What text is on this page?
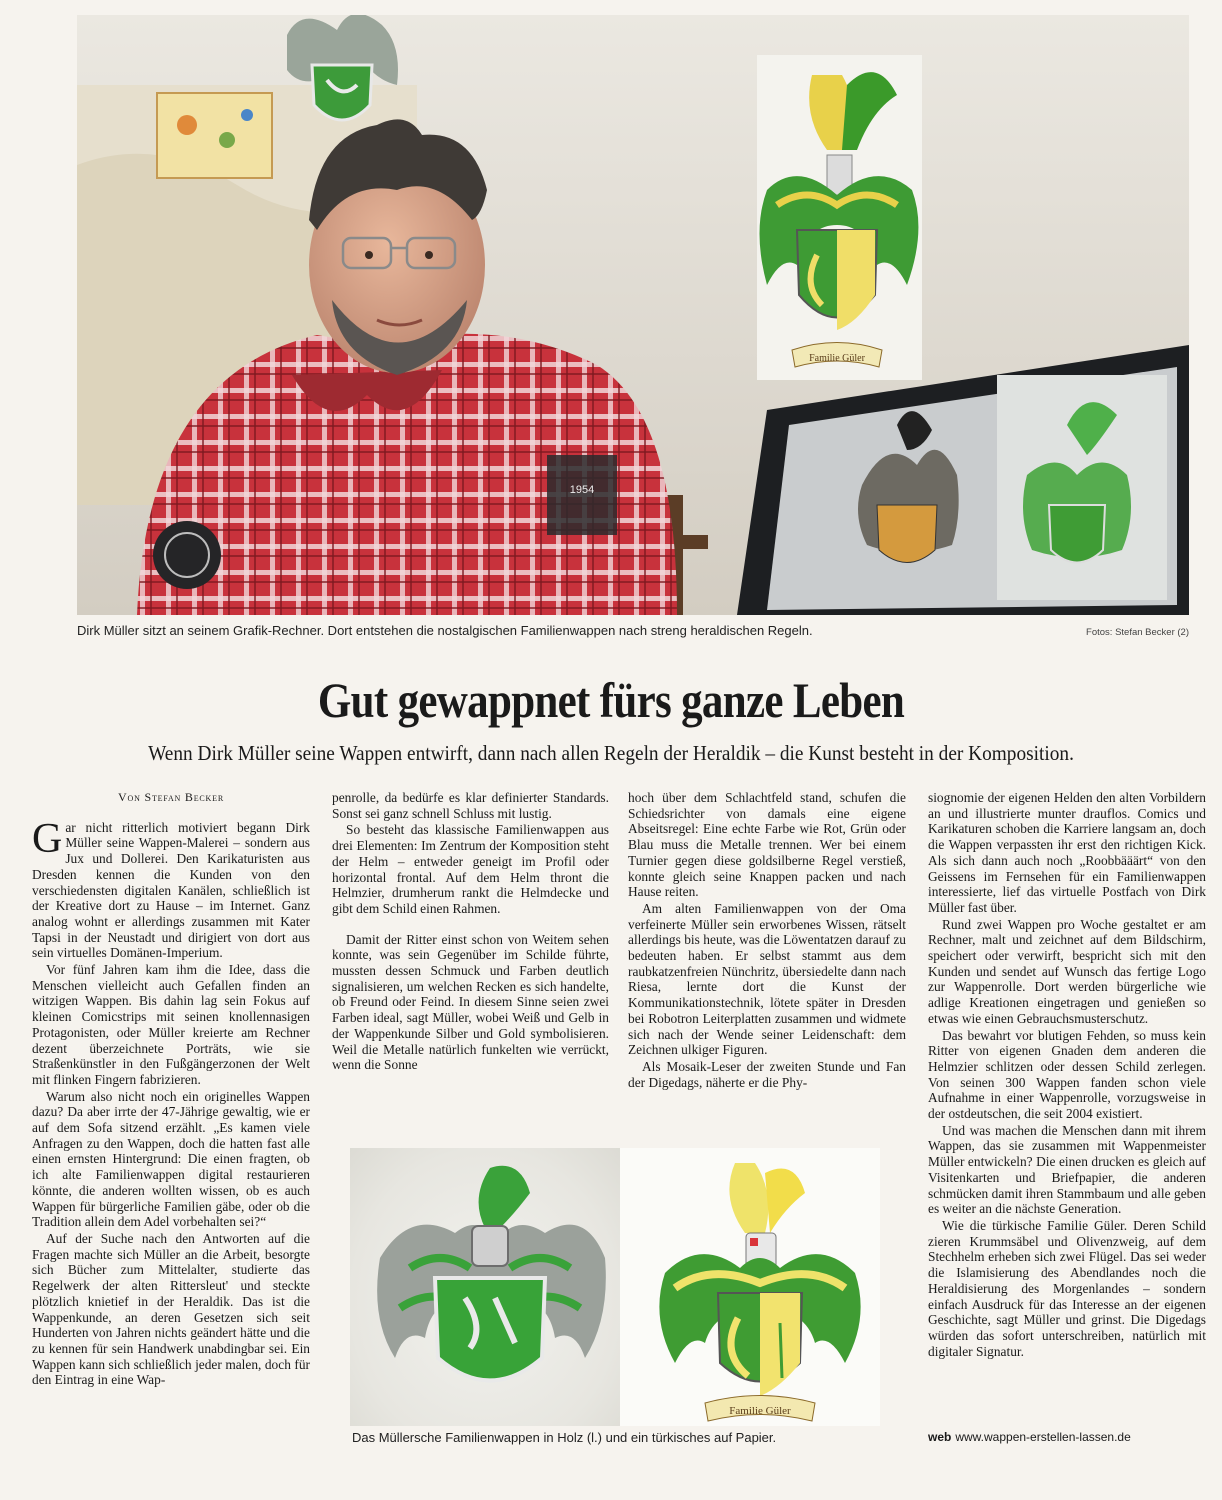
Familie Güler
1954
Dirk Müller sitzt an seinem Grafik-Rechner. Dort entstehen die nostalgischen Familienwappen nach streng heraldischen Regeln.	Fotos: Stefan Becker (2)
Gut gewappnet fürs ganze Leben
Wenn Dirk Müller seine Wappen entwirft, dann nach allen Regeln der Heraldik – die Kunst besteht in der Komposition.
Von Stefan Becker

Gar nicht ritterlich motiviert begann Dirk Müller seine Wappen-Malerei – sondern aus Jux und Dollerei. Den Karikaturisten aus Dresden kennen die Kunden von den verschiedensten digitalen Kanälen, schließlich ist der Kreative dort zu Hause – im Internet. Ganz analog wohnt er allerdings zusammen mit Kater Tapsi in der Neustadt und dirigiert von dort aus sein virtuelles Domänen-Imperium.

Vor fünf Jahren kam ihm die Idee, dass die Menschen vielleicht auch Gefallen finden an witzigen Wappen. Bis dahin lag sein Fokus auf kleinen Comicstrips mit seinen knollennasigen Protagonisten, oder Müller kreierte am Rechner dezent überzeichnete Porträts, wie sie Straßenkünstler in den Fußgängerzonen der Welt mit flinken Fingern fabrizieren.

Warum also nicht noch ein originelles Wappen dazu? Da aber irrte der 47-Jährige gewaltig, wie er auf dem Sofa sitzend erzählt. „Es kamen viele Anfragen zu den Wappen, doch die hatten fast alle einen ernsten Hintergrund: Die einen fragten, ob ich alte Familienwappen digital restaurieren könnte, die anderen wollten wissen, ob es auch Wappen für bürgerliche Familien gäbe, oder ob die Tradition allein dem Adel vorbehalten sei?“

Auf der Suche nach den Antworten auf die Fragen machte sich Müller an die Arbeit, besorgte sich Bücher zum Mittelalter, studierte das Regelwerk der alten Rittersleut' und steckte plötzlich knietief in der Heraldik. Das ist die Wappenkunde, an deren Gesetzen sich seit Hunderten von Jahren nichts geändert hätte und die zu kennen für sein Handwerk unabdingbar sei. Ein Wappen kann sich schließlich jeder malen, doch für den Eintrag in eine Wap-

penrolle, da bedürfe es klar definierter Standards. Sonst sei ganz schnell Schluss mit lustig.

So besteht das klassische Familienwappen aus drei Elementen: Im Zentrum der Komposition steht der Helm – entweder geneigt im Profil oder horizontal frontal. Auf dem Helm thront die Helmzier, drumherum rankt die Helmdecke und gibt dem Schild einen Rahmen.

Damit der Ritter einst schon von Weitem sehen konnte, was sein Gegenüber im Schilde führte, mussten dessen Schmuck und Farben deutlich signalisieren, um welchen Recken es sich handelte, ob Freund oder Feind. In diesem Sinne seien zwei Farben ideal, sagt Müller, wobei Weiß und Gelb in der Wappenkunde Silber und Gold symbolisieren. Weil die Metalle natürlich funkelten wie verrückt, wenn die Sonne

hoch über dem Schlachtfeld stand, schufen die Schiedsrichter von damals eine eigene Abseitsregel: Eine echte Farbe wie Rot, Grün oder Blau muss die Metalle trennen. Wer bei einem Turnier gegen diese goldsilberne Regel verstieß, konnte gleich seine Knappen packen und nach Hause reiten.

Am alten Familienwappen von der Oma verfeinerte Müller sein erworbenes Wissen, rätselt allerdings bis heute, was die Löwentatzen darauf zu bedeuten haben. Er selbst stammt aus dem raubkatzenfreien Nünchritz, übersiedelte dann nach Riesa, lernte dort die Kunst der Kommunikationstechnik, lötete später in Dresden bei Robotron Leiterplatten zusammen und widmete sich nach der Wende seiner Leidenschaft: dem Zeichnen ulkiger Figuren.

Als Mosaik-Leser der zweiten Stunde und Fan der Digedags, näherte er die Phy-

siognomie der eigenen Helden den alten Vorbildern an und illustrierte munter drauflos. Comics und Karikaturen schoben die Karriere langsam an, doch die Wappen verpassten ihr erst den richtigen Kick. Als sich dann auch noch „Roobbääärt“ von den Geissens im Fernsehen für ein Familienwappen interessierte, lief das virtuelle Postfach von Dirk Müller fast über.

Rund zwei Wappen pro Woche gestaltet er am Rechner, malt und zeichnet auf dem Bildschirm, speichert oder verwirft, bespricht sich mit den Kunden und sendet auf Wunsch das fertige Logo zur Wappenrolle. Dort werden bürgerliche wie adlige Kreationen eingetragen und genießen so etwas wie einen Gebrauchsmusterschutz.

Das bewahrt vor blutigen Fehden, so muss kein Ritter von eigenen Gnaden dem anderen die Helmzier schlitzen oder dessen Schild zerlegen. Von seinen 300 Wappen fanden schon viele Aufnahme in einer Wappenrolle, vorzugsweise in der ostdeutschen, die seit 2004 existiert.

Und was machen die Menschen dann mit ihrem Wappen, das sie zusammen mit Wappenmeister Müller entwickeln? Die einen drucken es gleich auf Visitenkarten und Briefpapier, die anderen schmücken damit ihren Stammbaum und alle geben es weiter an die nächste Generation.

Wie die türkische Familie Güler. Deren Schild zieren Krummsäbel und Olivenzweig, auf dem Stechhelm erheben sich zwei Flügel. Das sei weder die Islamisierung des Abendlandes noch die Heraldisierung des Morgenlandes – sondern einfach Ausdruck für das Interesse an der eigenen Geschichte, sagt Müller und grinst. Die Digedags würden das sofort unterschreiben, natürlich mit digitaler Signatur.

Familie Güler
Das Müllersche Familienwappen in Holz (l.) und ein türkisches auf Papier.	web www.wappen-erstellen-lassen.de
